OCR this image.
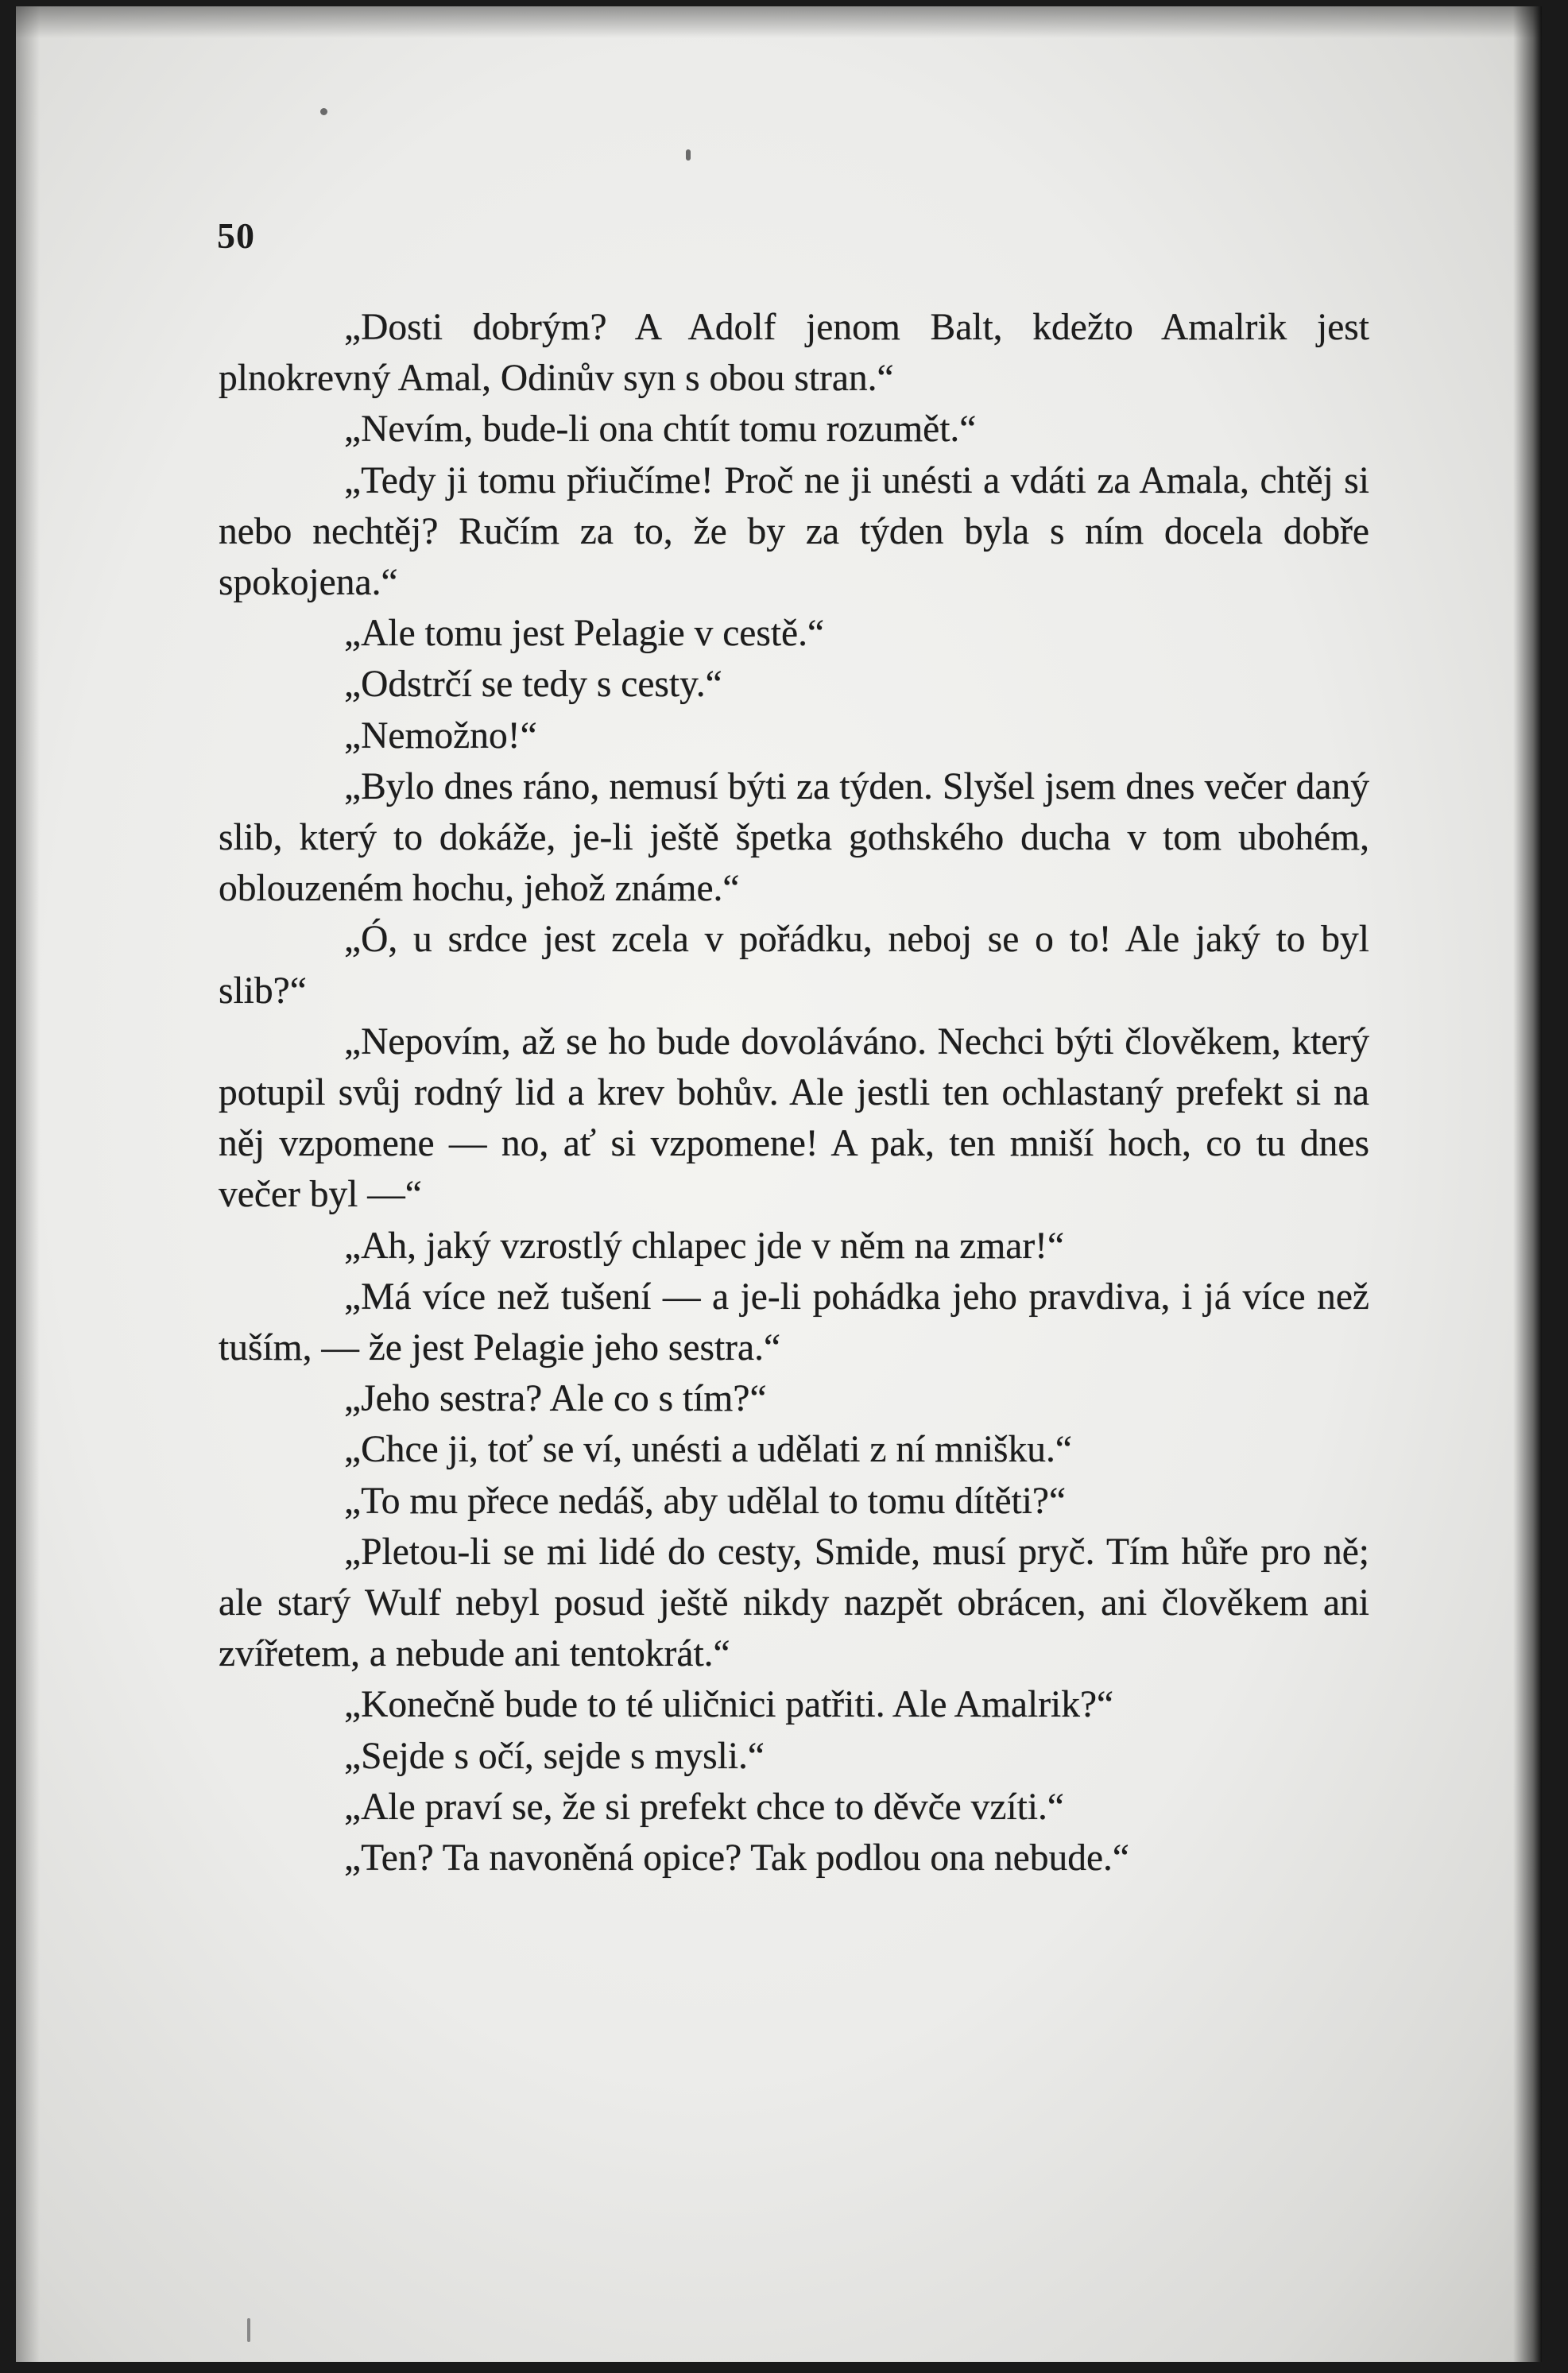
50

„Dosti dobrým? A Adolf jenom Balt, kdežto Amalrik jest plnokrevný Amal, Odinův syn s obou stran.“

„Nevím, bude-li ona chtít tomu rozumět.“

„Tedy ji tomu přiučíme! Proč ne ji unésti a vdáti za Amala, chtěj si nebo nechtěj? Ručím za to, že by za týden byla s ním docela dobře spokojena.“

„Ale tomu jest Pelagie v cestě.“

„Odstrčí se tedy s cesty.“

„Nemožno!“

„Bylo dnes ráno, nemusí býti za týden. Slyšel jsem dnes večer daný slib, který to dokáže, je-li ještě špetka gothského ducha v tom ubohém, oblouzeném hochu, jehož známe.“

„Ó, u srdce jest zcela v pořádku, neboj se o to! Ale jaký to byl slib?“

„Nepovím, až se ho bude dovoláváno. Nechci býti člověkem, který potupil svůj rodný lid a krev bohův. Ale jestli ten ochlastaný prefekt si na něj vzpomene — no, ať si vzpomene! A pak, ten mniší hoch, co tu dnes večer byl —“

„Ah, jaký vzrostlý chlapec jde v něm na zmar!“

„Má více než tušení — a je-li pohádka jeho pravdiva, i já více než tuším, — že jest Pelagie jeho sestra.“

„Jeho sestra? Ale co s tím?“

„Chce ji, toť se ví, unésti a udělati z ní mnišku.“

„To mu přece nedáš, aby udělal to tomu dítěti?“

„Pletou-li se mi lidé do cesty, Smide, musí pryč. Tím hůře pro ně; ale starý Wulf nebyl posud ještě nikdy nazpět obrácen, ani člověkem ani zvířetem, a nebude ani tentokrát.“

„Konečně bude to té uličnici patřiti. Ale Amalrik?“

„Sejde s očí, sejde s mysli.“

„Ale praví se, že si prefekt chce to děvče vzíti.“

„Ten? Ta navoněná opice? Tak podlou ona nebude.“
